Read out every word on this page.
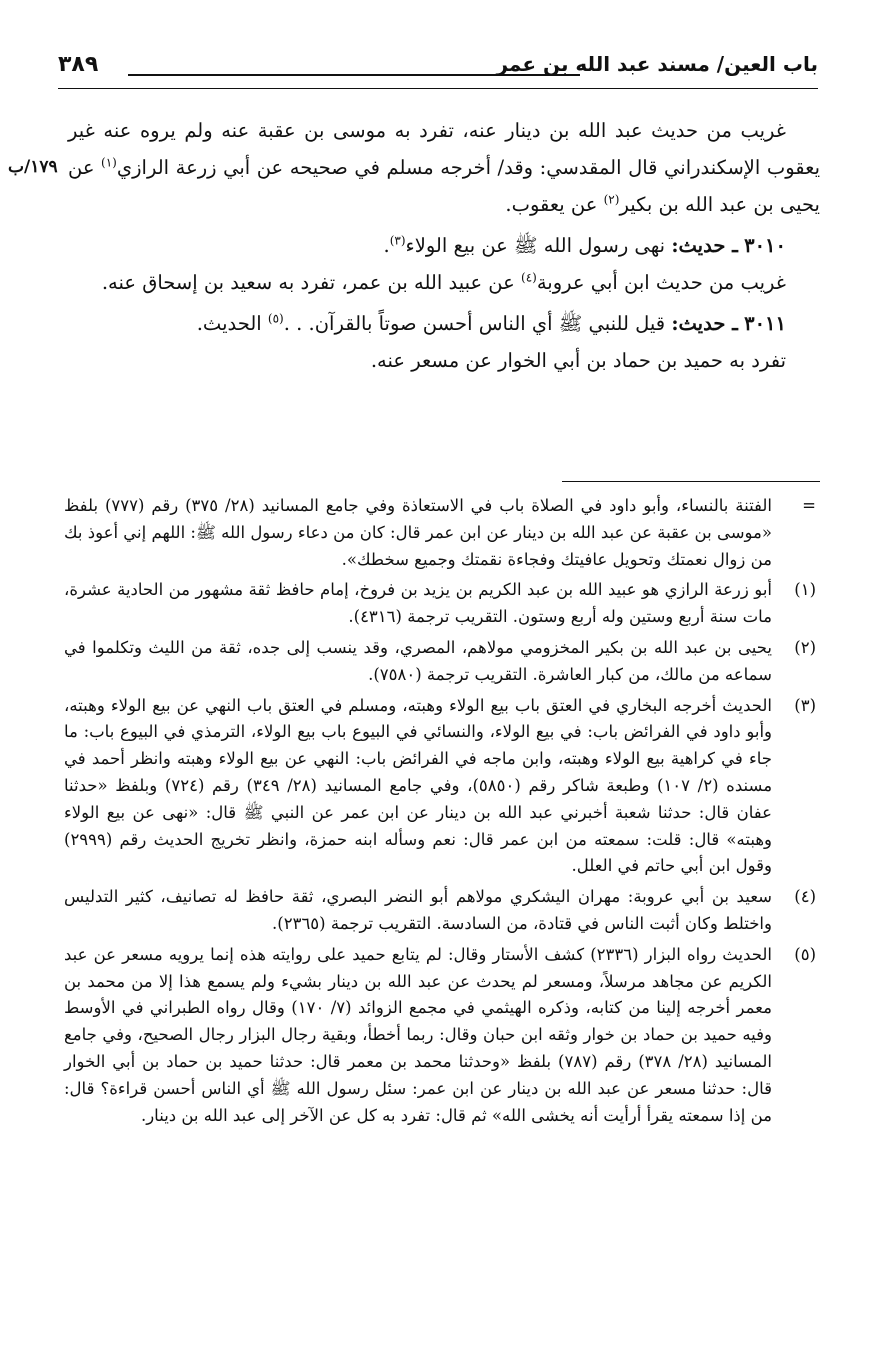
باب العين/ مسند عبد الله بن عمر
٣٨٩
١٧٩/ب

غريب من حديث عبد الله بن دينار عنه، تفرد به موسى بن عقبة عنه ولم يروه عنه غير يعقوب الإسكندراني قال المقدسي: وقد/ أخرجه مسلم في صحيحه عن أبي زرعة الرازي$^{(١)}$ عن يحيى بن عبد الله بن بكير$^{(٢)}$ عن يعقوب.

٣٠١٠ ـ حديث: نهى رسول الله ﷺ عن بيع الولاء$^{(٣)}$.

غريب من حديث ابن أبي عروبة$^{(٤)}$ عن عبيد الله بن عمر، تفرد به سعيد بن إسحاق عنه.

٣٠١١ ـ حديث: قيل للنبي ﷺ أي الناس أحسن صوتاً بالقرآن. . .$^{(٥)}$ الحديث.

تفرد به حميد بن حماد بن أبي الخوار عن مسعر عنه.

=
الفتنة بالنساء، وأبو داود في الصلاة باب في الاستعاذة وفي جامع المسانيد (٢٨/ ٣٧٥) رقم (٧٧٧) بلفظ «موسى بن عقبة عن عبد الله بن دينار عن ابن عمر قال: كان من دعاء رسول الله ﷺ: اللهم إني أعوذ بك من زوال نعمتك وتحويل عافيتك وفجاءة نقمتك وجميع سخطك».
(١)
أبو زرعة الرازي هو عبيد الله بن عبد الكريم بن يزيد بن فروخ، إمام حافظ ثقة مشهور من الحادية عشرة، مات سنة أربع وستين وله أربع وستون. التقريب ترجمة (٤٣١٦).
(٢)
يحيى بن عبد الله بن بكير المخزومي مولاهم، المصري، وقد ينسب إلى جده، ثقة من الليث وتكلموا في سماعه من مالك، من كبار العاشرة. التقريب ترجمة (٧٥٨٠).
(٣)
الحديث أخرجه البخاري في العتق باب بيع الولاء وهبته، ومسلم في العتق باب النهي عن بيع الولاء وهبته، وأبو داود في الفرائض باب: في بيع الولاء، والنسائي في البيوع باب بيع الولاء، الترمذي في البيوع باب: ما جاء في كراهية بيع الولاء وهبته، وابن ماجه في الفرائض باب: النهي عن بيع الولاء وهبته وانظر أحمد في مسنده (٢/ ١٠٧) وطبعة شاكر رقم (٥٨٥٠)، وفي جامع المسانيد (٢٨/ ٣٤٩) رقم (٧٢٤) وبلفظ «حدثنا عفان قال: حدثنا شعبة أخبرني عبد الله بن دينار عن ابن عمر عن النبي ﷺ قال: «نهى عن بيع الولاء وهبته» قال: قلت: سمعته من ابن عمر قال: نعم وسأله ابنه حمزة، وانظر تخريج الحديث رقم (٢٩٩٩) وقول ابن أبي حاتم في العلل.
(٤)
سعيد بن أبي عروبة: مهران اليشكري مولاهم أبو النضر البصري، ثقة حافظ له تصانيف، كثير التدليس واختلط وكان أثبت الناس في قتادة، من السادسة. التقريب ترجمة (٢٣٦٥).
(٥)
الحديث رواه البزار (٢٣٣٦) كشف الأستار وقال: لم يتابع حميد على روايته هذه إنما يرويه مسعر عن عبد الكريم عن مجاهد مرسلاً، ومسعر لم يحدث عن عبد الله بن دينار بشيء ولم يسمع هذا إلا من محمد بن معمر أخرجه إلينا من كتابه، وذكره الهيثمي في مجمع الزوائد (٧/ ١٧٠) وقال رواه الطبراني في الأوسط وفيه حميد بن حماد بن خوار وثقه ابن حبان وقال: ربما أخطأ، وبقية رجال البزار رجال الصحيح، وفي جامع المسانيد (٢٨/ ٣٧٨) رقم (٧٨٧) بلفظ «وحدثنا محمد بن معمر قال: حدثنا حميد بن حماد بن أبي الخوار قال: حدثنا مسعر عن عبد الله بن دينار عن ابن عمر: سئل رسول الله ﷺ أي الناس أحسن قراءة؟ قال: من إذا سمعته يقرأ أرأيت أنه يخشى الله» ثم قال: تفرد به كل عن الآخر إلى عبد الله بن دينار.
